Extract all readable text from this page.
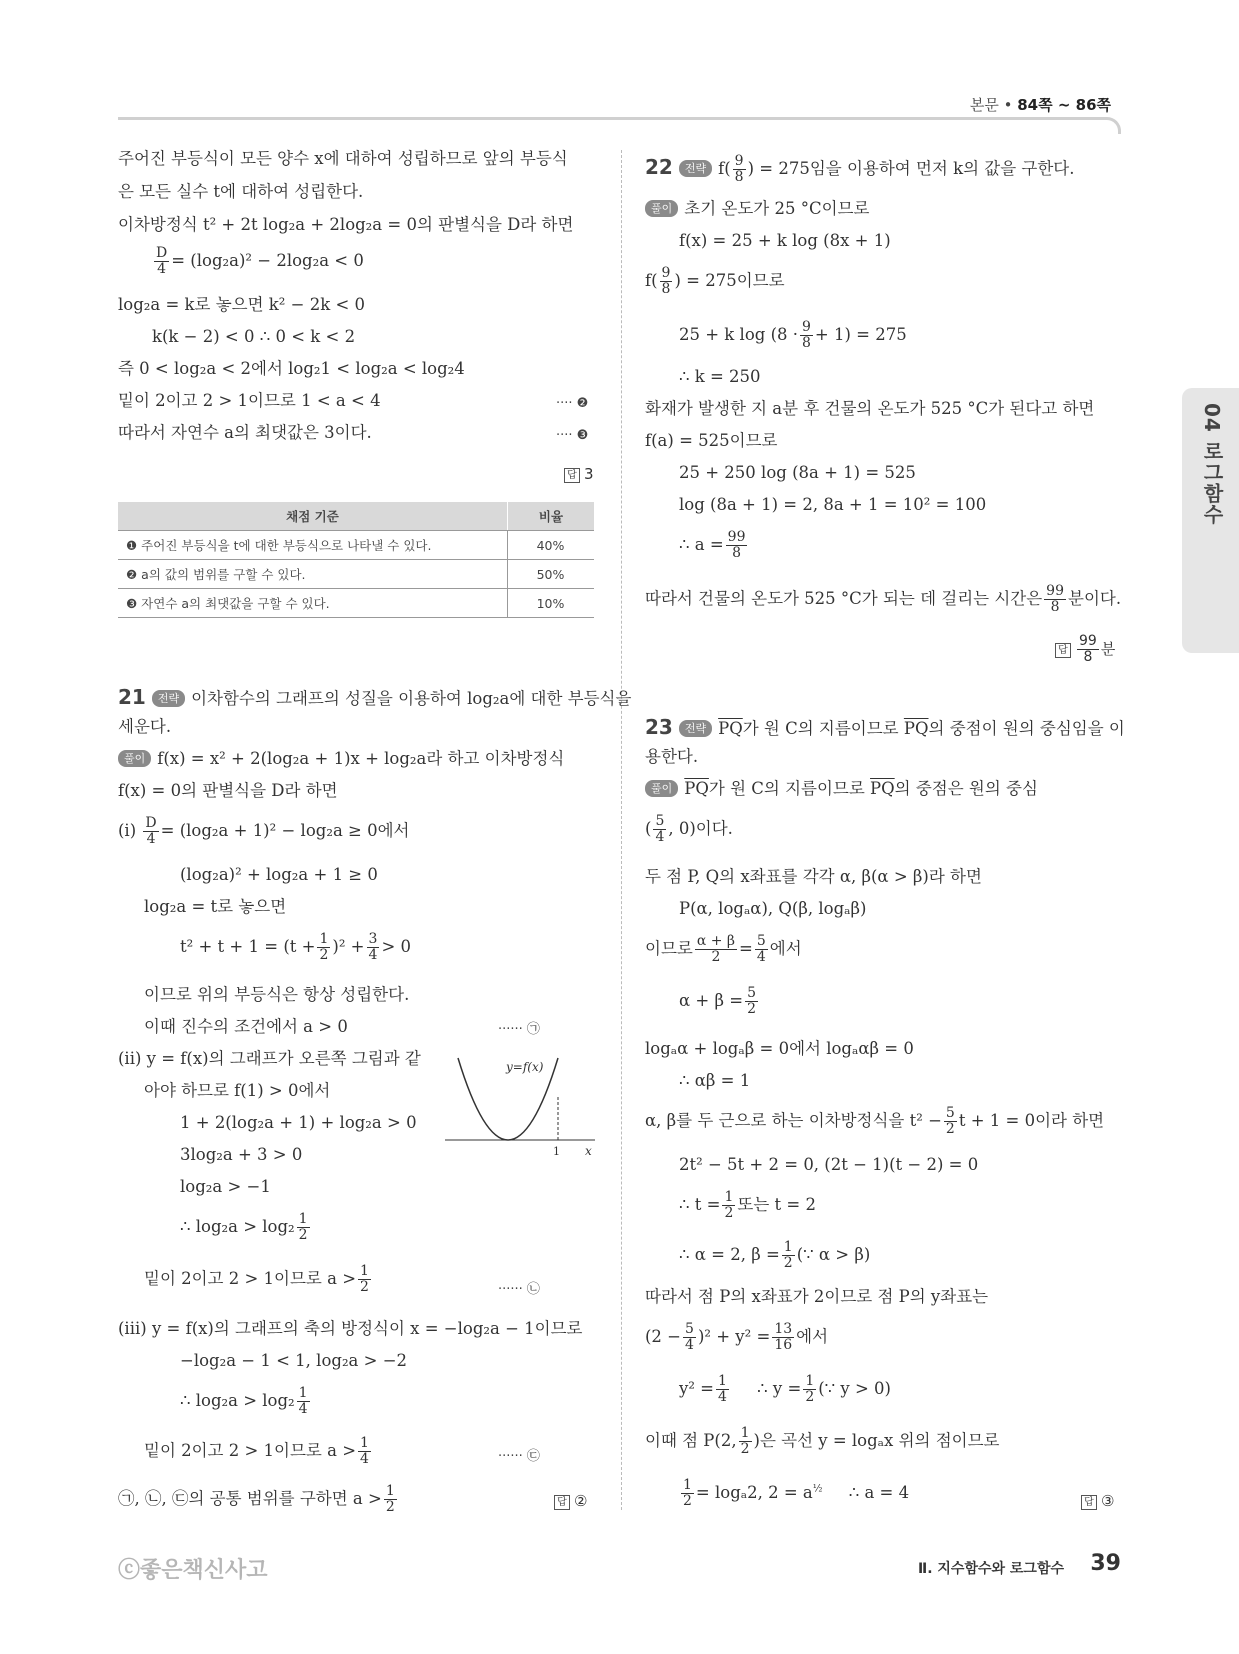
본문 • 84쪽 ~ 86쪽
04 로그함수
주어진 부등식이 모든 양수 x에 대하여 성립하므로 앞의 부등식
은 모든 실수 t에 대하여 성립한다.
이차방정식 t² + 2t log₂a + 2log₂a = 0의 판별식을 D라 하면
$\frac{D}{4} = (\log_2a)^2 - 2\log_2a < 0$
log₂a = k로 놓으면 k² − 2k < 0
k(k − 2) < 0 ∴ 0 < k < 2
즉 0 < log₂a < 2에서 log₂1 < log₂a < log₂4
밑이 2이고 2 > 1이므로 1 < a < 4	···· ❷
따라서 자연수 a의 최댓값은 3이다.	···· ❸
답 3
채점 기준	비율
❶ 주어진 부등식을 t에 대한 부등식으로 나타낼 수 있다.	40%
❷ a의 값의 범위를 구할 수 있다.	50%
❸ 자연수 a의 최댓값을 구할 수 있다.	10%
21 전략 이차함수의 그래프의 성질을 이용하여 log₂a에 대한 부등식을
세운다.
풀이 f(x) = x² + 2(log₂a + 1)x + log₂a라 하고 이차방정식
f(x) = 0의 판별식을 D라 하면
$(i) \frac{D}{4} = (\log_2a + 1)^2 - \log_2a \ge 0$에서
(log₂a)² + log₂a + 1 ≥ 0
log₂a = t로 놓으면
$t^2 + t + 1 = (t + \frac{1}{2} )^2 + \frac{3}{4} > 0$
이므로 위의 부등식은 항상 성립한다.
이때 진수의 조건에서 a > 0	······ ㉠
(ii) y = f(x)의 그래프가 오른쪽 그림과 같
아야 하므로 f(1) > 0에서
1 + 2(log₂a + 1) + log₂a > 0
3log₂a + 3 > 0
log₂a > −1
∴ $\log_2a > \log_2 \frac{1}{2}$
밑이 2이고 2 > 1이므로 $a > \frac{1}{2}$	······ ㉡
(iii) y = f(x)의 그래프의 축의 방정식이 x = −log₂a − 1이므로
−log₂a − 1 < 1, log₂a > −2
∴ $\log_2a > \log_2 \frac{1}{4}$
밑이 2이고 2 > 1이므로 $a > \frac{1}{4}$	······ ㉢
㉠, ㉡, ㉢의 공통 범위를 구하면 $a > \frac{1}{2}$	답 ②
y=f(x)
x
1
22 전략 $f( \frac{9}{8}$ ) = 275임을 이용하여 먼저 k의 값을 구한다.
풀이 초기 온도가 25 °C이므로
f(x) = 25 + k log (8x + 1)
$f( \frac{9}{8}$ ) = 275이므로
25 + k $\log (8 \cdot \frac{9}{8} + 1) = 275$
∴ k = 250
화재가 발생한 지 a분 후 건물의 온도가 525 °C가 된다고 하면
f(a) = 525이므로
25 + 250 log (8a + 1) = 525
log (8a + 1) = 2, 8a + 1 = 10² = 100
∴ $a = \frac{99}{8}$
따라서 건물의 온도가 525 °C가 되는 데 걸리는 시간은 $\frac{99}{8}$ 분이다.
답 $\frac{99}{8}$ 분
23 전략 $\overline{PQ}$가 원 C의 지름이므로 $\overline{PQ}$의 중점이 원의 중심임을 이
용한다.
풀이 $\overline{PQ}$가 원 C의 지름이므로 $\overline{PQ}$의 중점은 원의 중심
( $\frac{5}{4}$ , 0)이다.
두 점 P, Q의 x좌표를 각각 α, β(α > β)라 하면
P(α, logₐα), Q(β, logₐβ)
이므로 $\frac{\alpha + \beta}{2} = \frac{5}{4}$ 에서
$\alpha + \beta = \frac{5}{2}$
logₐα + logₐβ = 0에서 logₐαβ = 0
∴ αβ = 1
α, β를 두 근으로 하는 이차방정식을 $t^2 - \frac{5}{2}$ t + 1 = 0이라 하면
2t² − 5t + 2 = 0, (2t − 1)(t − 2) = 0
∴ $t = \frac{1}{2}$ 또는 t = 2
∴ α = 2, $\beta = \frac{1}{2}$ (∵ α > β)
따라서 점 P의 x좌표가 2이므로 점 P의 y좌표는
$(2 - \frac{5}{4} )^2 + y^2 = \frac{13}{16}$ 에서
$y^2 = \frac{1}{4}$ ∴ $y = \frac{1}{2}$ (∵ y > 0)
이때 점 P(2, $\frac{1}{2}$ )은 곡선 y = logₐx 위의 점이므로
$\frac{1}{2} = \log_a2$, $2 = a^{\frac{1}{2}}$ ∴ a = 4
답 ③
ⓒ좋은책신사고	Ⅱ. 지수함수와 로그함수 39
